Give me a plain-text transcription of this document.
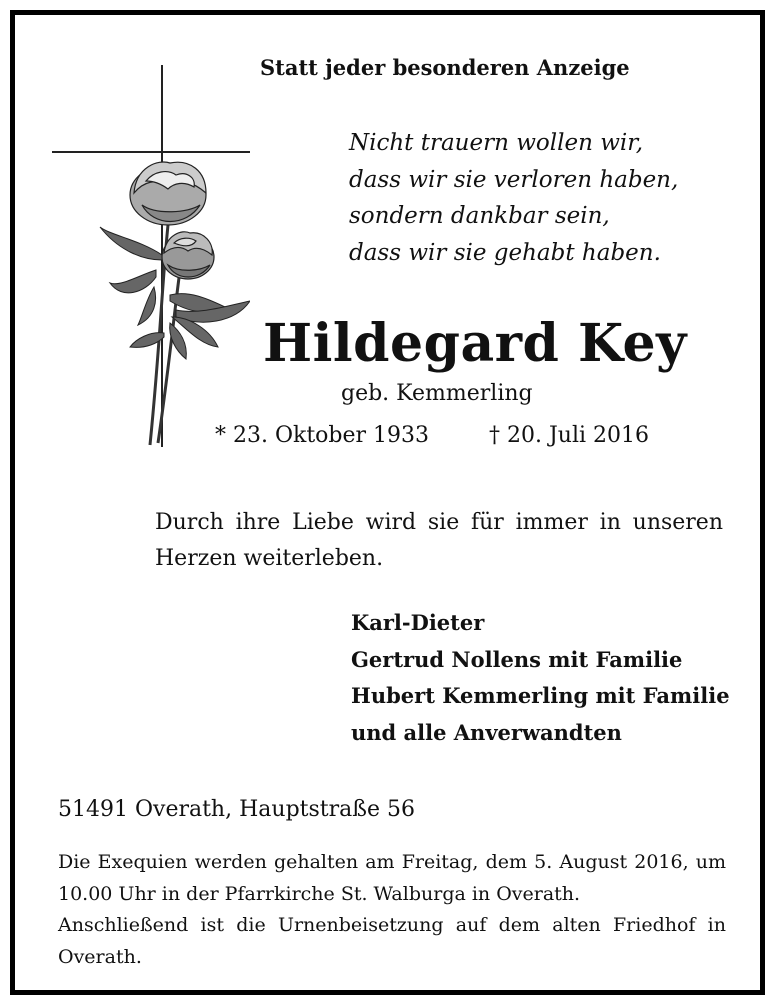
Statt jeder besonderen Anzeige
Nicht trauern wollen wir,
dass wir sie verloren haben,
sondern dankbar sein,
dass wir sie gehabt haben.
Hildegard Key
geb. Kemmerling
* 23. Oktober 1933	† 20. Juli 2016
Durch ihre Liebe wird sie für immer in unseren Herzen weiterleben.
Karl-Dieter
Gertrud Nollens mit Familie
Hubert Kemmerling mit Familie
und alle Anverwandten
51491 Overath, Hauptstraße 56

Die Exequien werden gehalten am Freitag, dem 5. August 2016, um 10.00 Uhr in der Pfarrkirche St. Walburga in Overath.

Anschließend ist die Urnenbeisetzung auf dem alten Friedhof in Overath.
